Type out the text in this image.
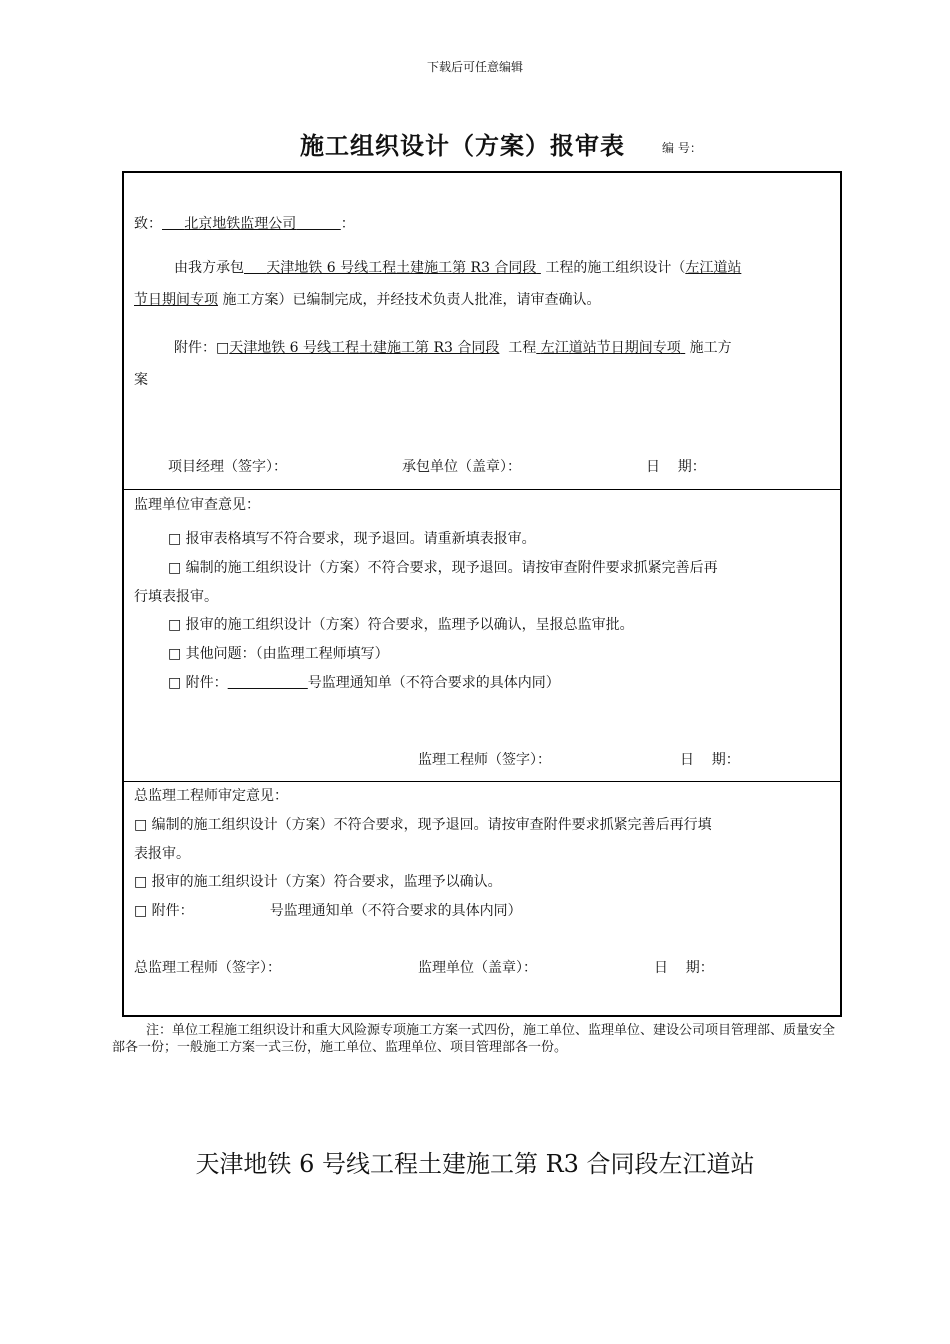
下载后可任意编辑
施工组织设计（方案）报审表	编 号：
致： 北京地铁监理公司	：
由我方承包 天津地铁 6 号线工程土建施工第 R3 合同段 工程的施工组织设计（左江道站
节日期间专项 施工方案）已编制完成，并经技术负责人批准，请审查确认。
附件：□天津地铁 6 号线工程土建施工第 R3 合同段 工程 左江道站节日期间专项 施工方
案
项目经理（签字）：	承包单位（盖章）：	日    期：
监理单位审查意见：
□ 报审表格填写不符合要求，现予退回。请重新填表报审。
□ 编制的施工组织设计（方案）不符合要求，现予退回。请按审查附件要求抓紧完善后再
行填表报审。
□ 报审的施工组织设计（方案）符合要求，监理予以确认，呈报总监审批。
□ 其他问题：（由监理工程师填写）
□ 附件：	号监理通知单（不符合要求的具体内同）
监理工程师（签字）：	日    期：
总监理工程师审定意见：
□ 编制的施工组织设计（方案）不符合要求，现予退回。请按审查附件要求抓紧完善后再行填
表报审。
□ 报审的施工组织设计（方案）符合要求，监理予以确认。
□ 附件：	号监理通知单（不符合要求的具体内同）
总监理工程师（签字）：	监理单位（盖章）：	日    期：
注：单位工程施工组织设计和重大风险源专项施工方案一式四份，施工单位、监理单位、建设公司项目管理部、质量安全部各一份；一般施工方案一式三份，施工单位、监理单位、项目管理部各一份。
天津地铁 6 号线工程土建施工第 R3 合同段左江道站
